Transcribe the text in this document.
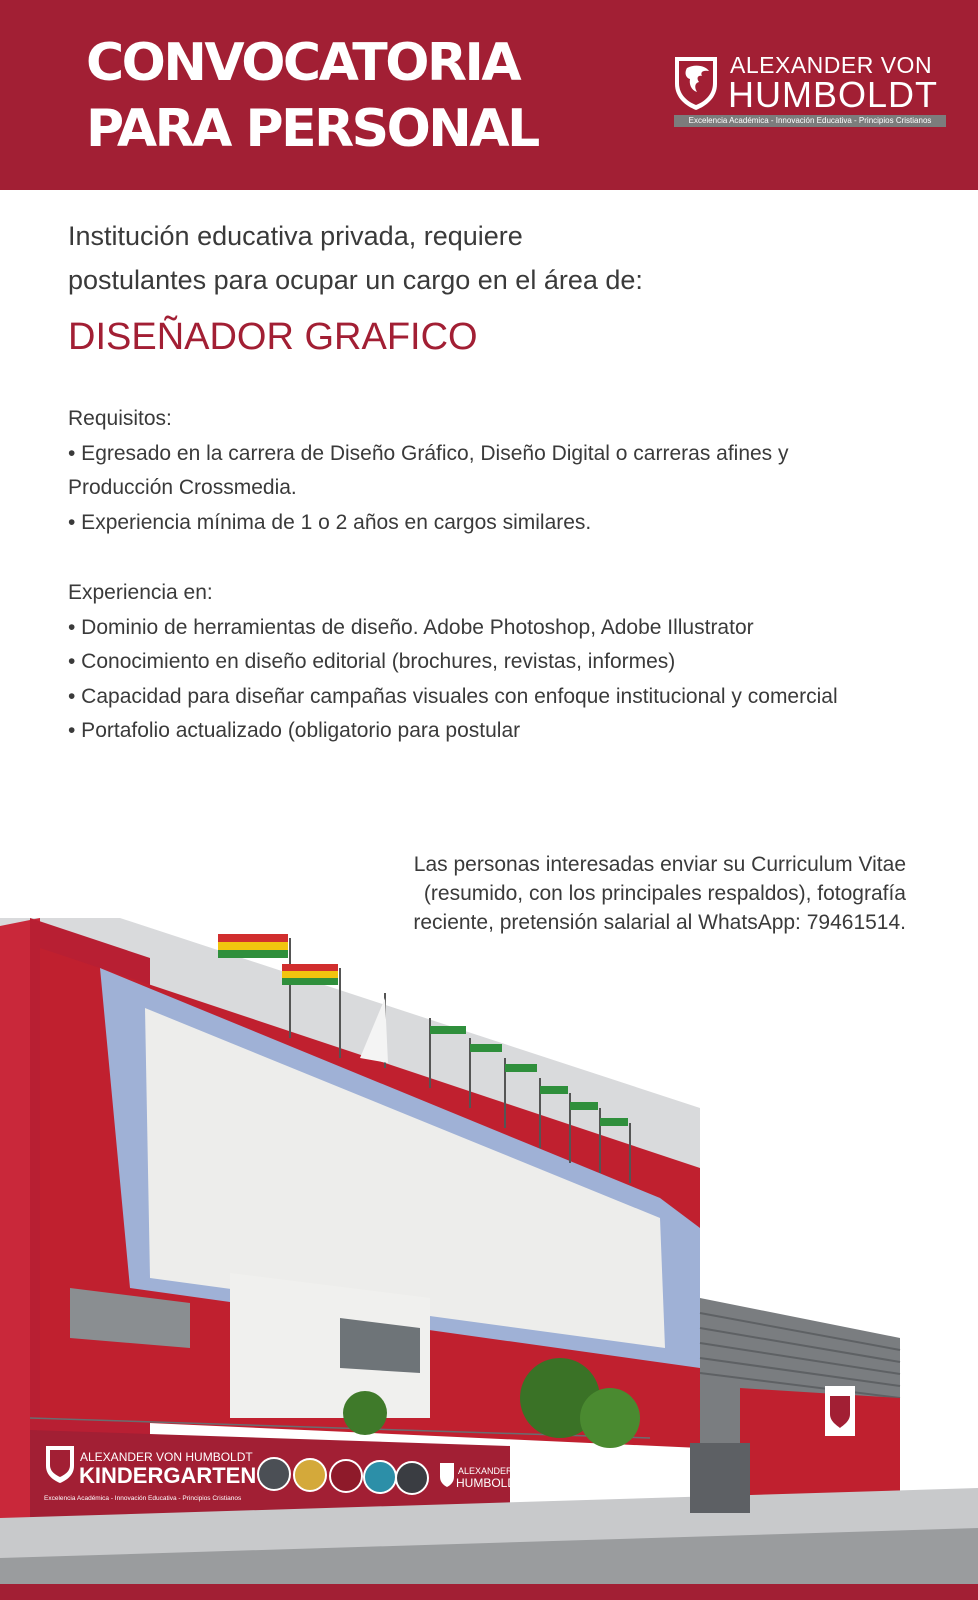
CONVOCATORIA
PARA PERSONAL
ALEXANDER VON
HUMBOLDT
Excelencia Académica - Innovación Educativa - Principios Cristianos
Institución educativa privada, requiere
postulantes para ocupar un cargo en el área de:
DISEÑADOR GRAFICO
Requisitos:
• Egresado en la carrera de Diseño Gráfico, Diseño Digital o carreras afines y
Producción Crossmedia.
• Experiencia mínima de 1 o 2 años en cargos similares.
Experiencia en:
• Dominio de herramientas de diseño. Adobe Photoshop, Adobe Illustrator
• Conocimiento en diseño editorial (brochures, revistas, informes)
• Capacidad para diseñar campañas visuales con enfoque institucional y comercial
• Portafolio actualizado (obligatorio para postular
Las personas interesadas enviar su Curriculum Vitae
(resumido, con los principales respaldos), fotografía
reciente, pretensión salarial al WhatsApp: 79461514.
ALEXANDER VON HUMBOLDT
KINDERGARTEN
Excelencia Académica - Innovación Educativa - Principios Cristianos
ALEXANDER VON
HUMBOLDT
